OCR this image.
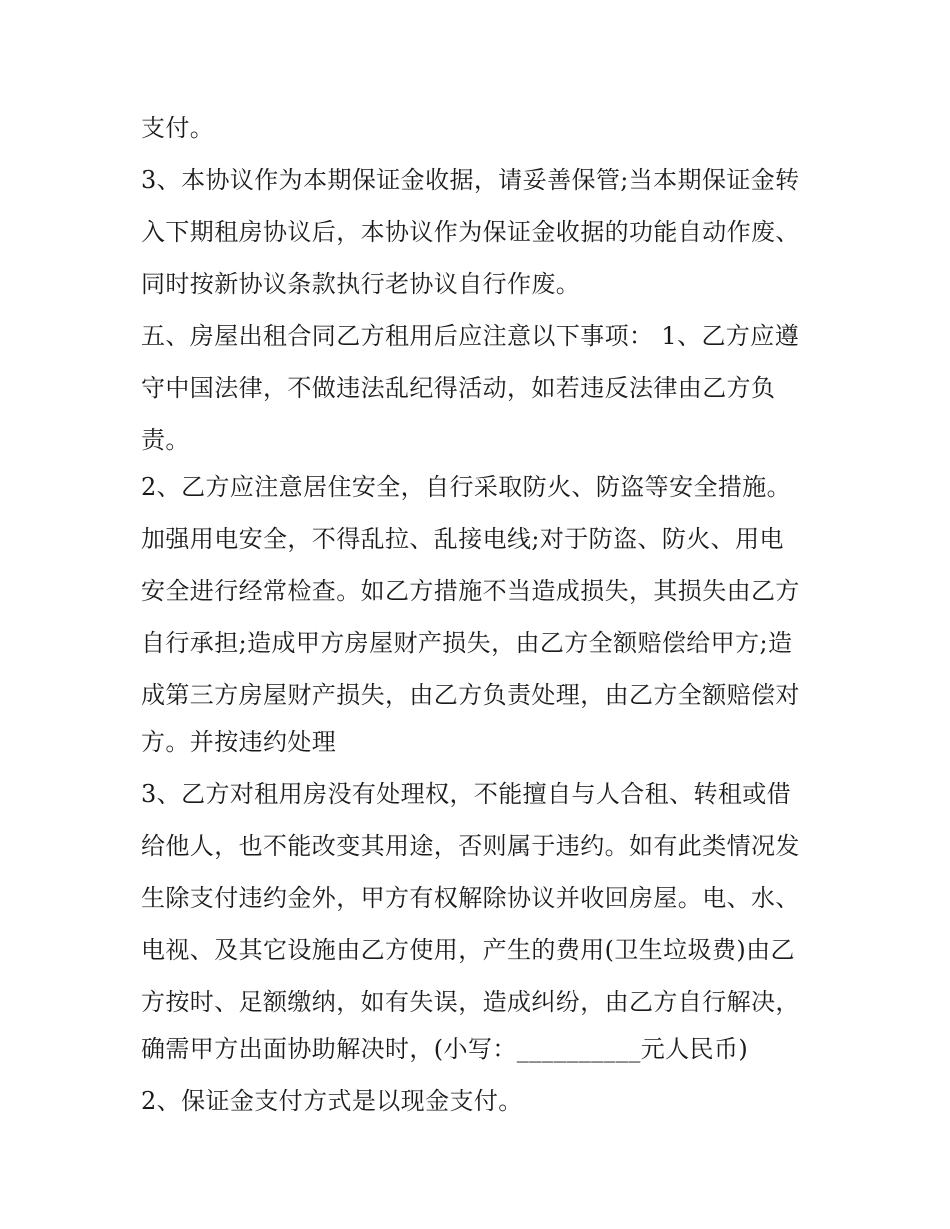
支付。
3、本协议作为本期保证金收据，请妥善保管;当本期保证金转
入下期租房协议后，本协议作为保证金收据的功能自动作废、
同时按新协议条款执行老协议自行作废。
五、房屋出租合同乙方租用后应注意以下事项： 1、乙方应遵
守中国法律，不做违法乱纪得活动，如若违反法律由乙方负
责。
2、乙方应注意居住安全，自行采取防火、防盗等安全措施。
加强用电安全，不得乱拉、乱接电线;对于防盗、防火、用电
安全进行经常检查。如乙方措施不当造成损失，其损失由乙方
自行承担;造成甲方房屋财产损失，由乙方全额赔偿给甲方;造
成第三方房屋财产损失，由乙方负责处理，由乙方全额赔偿对
方。并按违约处理
3、乙方对租用房没有处理权，不能擅自与人合租、转租或借
给他人，也不能改变其用途，否则属于违约。如有此类情况发
生除支付违约金外，甲方有权解除协议并收回房屋。电、水、
电视、及其它设施由乙方使用，产生的费用(卫生垃圾费)由乙
方按时、足额缴纳，如有失误，造成纠纷，由乙方自行解决，
确需甲方出面协助解决时，(小写：__________元人民币)
2、保证金支付方式是以现金支付。
